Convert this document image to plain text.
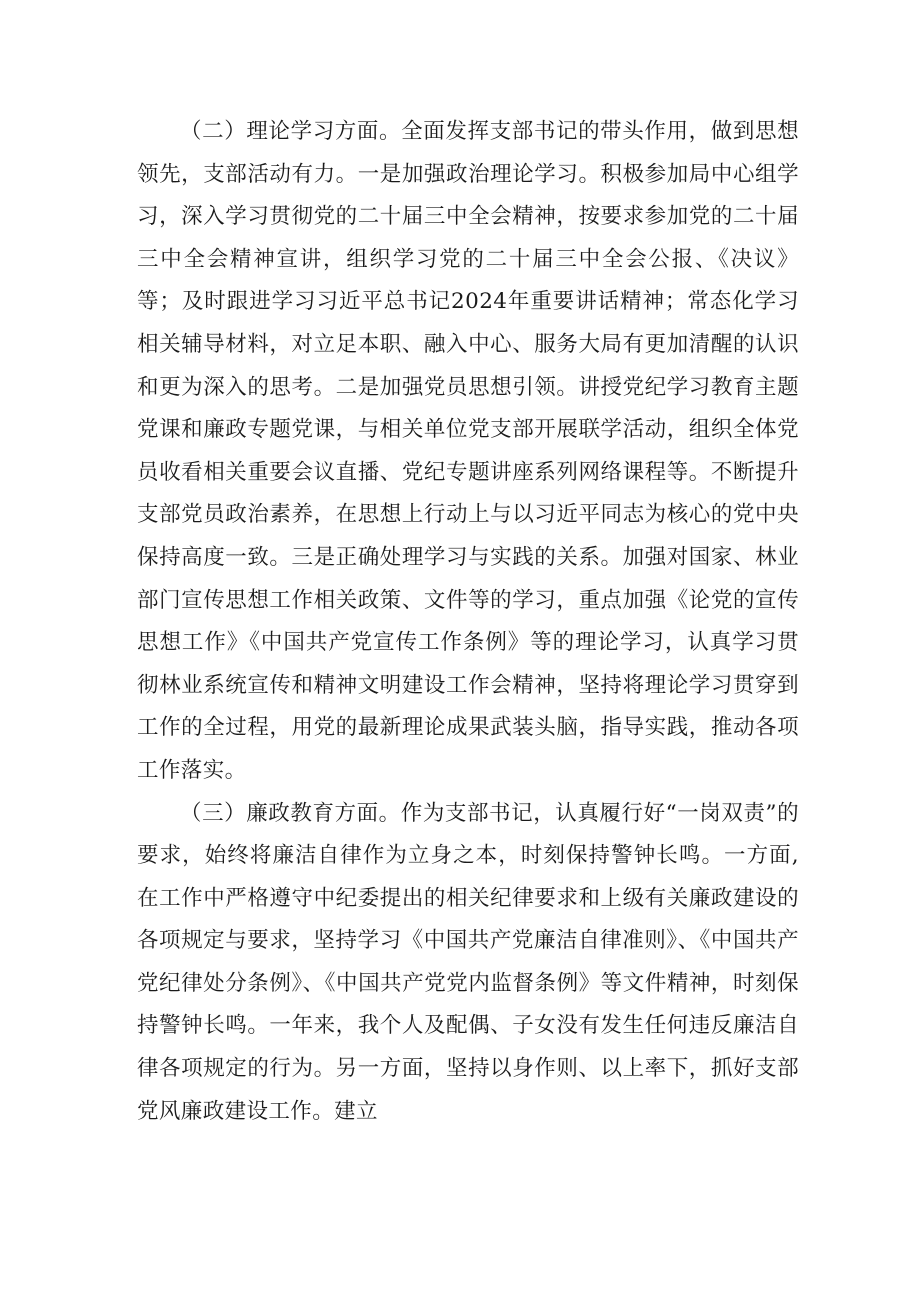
（二）理论学习方面。全面发挥支部书记的带头作用，做到思想领先，支部活动有力。一是加强政治理论学习。积极参加局中心组学习，深入学习贯彻党的二十届三中全会精神，按要求参加党的二十届三中全会精神宣讲，组织学习党的二十届三中全会公报、《决议》等；及时跟进学习习近平总书记2024年重要讲话精神；常态化学习相关辅导材料，对立足本职、融入中心、服务大局有更加清醒的认识和更为深入的思考。二是加强党员思想引领。讲授党纪学习教育主题党课和廉政专题党课，与相关单位党支部开展联学活动，组织全体党员收看相关重要会议直播、党纪专题讲座系列网络课程等。不断提升支部党员政治素养，在思想上行动上与以习近平同志为核心的党中央保持高度一致。三是正确处理学习与实践的关系。加强对国家、林业部门宣传思想工作相关政策、文件等的学习，重点加强《论党的宣传思想工作》《中国共产党宣传工作条例》等的理论学习，认真学习贯彻林业系统宣传和精神文明建设工作会精神，坚持将理论学习贯穿到工作的全过程，用党的最新理论成果武装头脑，指导实践，推动各项工作落实。

（三）廉政教育方面。作为支部书记，认真履行好“一岗双责”的要求，始终将廉洁自律作为立身之本，时刻保持警钟长鸣。一方面,在工作中严格遵守中纪委提出的相关纪律要求和上级有关廉政建设的各项规定与要求，坚持学习《中国共产党廉洁自律准则》、《中国共产党纪律处分条例》、《中国共产党党内监督条例》等文件精神，时刻保持警钟长鸣。一年来，我个人及配偶、子女没有发生任何违反廉洁自律各项规定的行为。另一方面，坚持以身作则、以上率下，抓好支部党风廉政建设工作。建立
